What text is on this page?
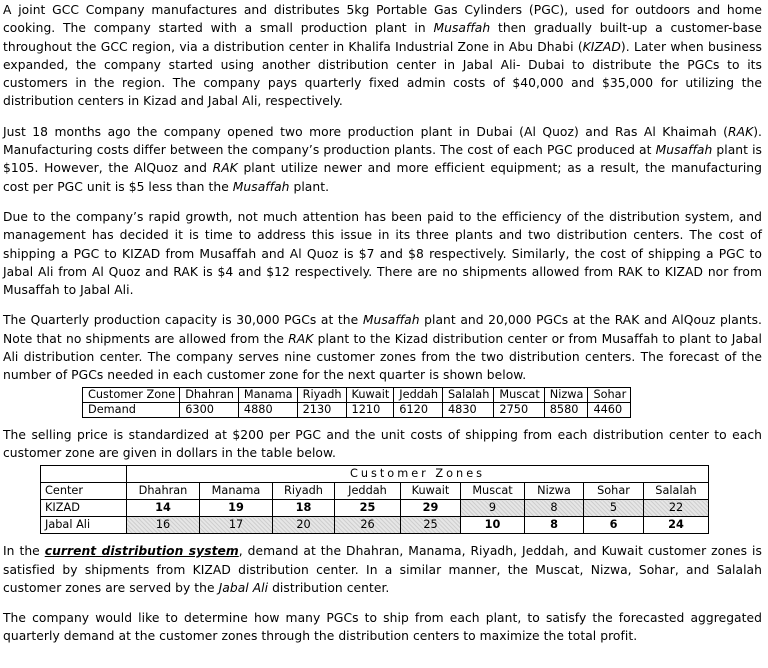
A joint GCC Company manufactures and distributes 5kg Portable Gas Cylinders (PGC), used for outdoors and home cooking. The company started with a small production plant in Musaffah then gradually built-up a customer-base throughout the GCC region, via a distribution center in Khalifa Industrial Zone in Abu Dhabi (KIZAD). Later when business expanded, the company started using another distribution center in Jabal Ali- Dubai to distribute the PGCs to its customers in the region. The company pays quarterly fixed admin costs of $40,000 and $35,000 for utilizing the distribution centers in Kizad and Jabal Ali, respectively.

Just 18 months ago the company opened two more production plant in Dubai (Al Quoz) and Ras Al Khaimah (RAK). Manufacturing costs differ between the company’s production plants. The cost of each PGC produced at Musaffah plant is $105. However, the AlQuoz and RAK plant utilize newer and more efficient equipment; as a result, the manufacturing cost per PGC unit is $5 less than the Musaffah plant.

Due to the company’s rapid growth, not much attention has been paid to the efficiency of the distribution system, and management has decided it is time to address this issue in its three plants and two distribution centers. The cost of shipping a PGC to KIZAD from Musaffah and Al Quoz is $7 and $8 respectively. Similarly, the cost of shipping a PGC to Jabal Ali from Al Quoz and RAK is $4 and $12 respectively. There are no shipments allowed from RAK to KIZAD nor from Musaffah to Jabal Ali.

The Quarterly production capacity is 30,000 PGCs at the Musaffah plant and 20,000 PGCs at the RAK and AlQouz plants. Note that no shipments are allowed from the RAK plant to the Kizad distribution center or from Musaffah to plant to Jabal Ali distribution center. The company serves nine customer zones from the two distribution centers. The forecast of the number of PGCs needed in each customer zone for the next quarter is shown below.

Customer Zone	Dhahran	Manama	Riyadh	Kuwait	Jeddah	Salalah	Muscat	Nizwa	Sohar
Demand	6300	4880	2130	1210	6120	4830	2750	8580	4460

The selling price is standardized at $200 per PGC and the unit costs of shipping from each distribution center to each customer zone are given in dollars in the table below.

	Customer Zones								
Center	Dhahran	Manama	Riyadh	Jeddah	Kuwait	Muscat	Nizwa	Sohar	Salalah
KIZAD	14	19	18	25	29	9	8	5	22
Jabal Ali	16	17	20	26	25	10	8	6	24

In the current distribution system, demand at the Dhahran, Manama, Riyadh, Jeddah, and Kuwait customer zones is satisfied by shipments from KIZAD distribution center. In a similar manner, the Muscat, Nizwa, Sohar, and Salalah customer zones are served by the Jabal Ali distribution center.

The company would like to determine how many PGCs to ship from each plant, to satisfy the forecasted aggregated quarterly demand at the customer zones through the distribution centers to maximize the total profit.
